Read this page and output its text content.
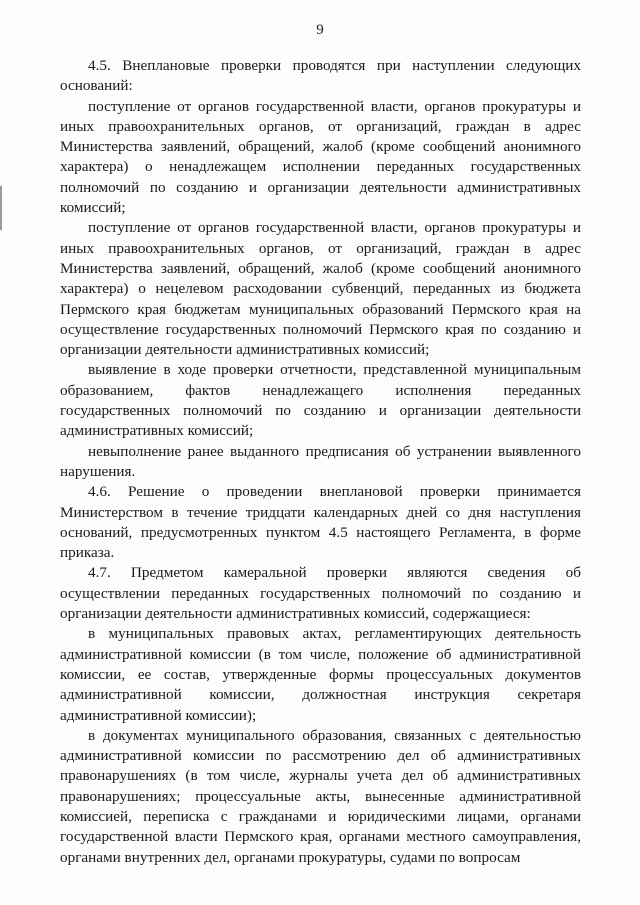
9

4.5. Внеплановые проверки проводятся при наступлении следующих оснований:

поступление от органов государственной власти, органов прокуратуры и иных правоохранительных органов, от организаций, граждан в адрес Министерства заявлений, обращений, жалоб (кроме сообщений анонимного характера) о ненадлежащем исполнении переданных государственных полномочий по созданию и организации деятельности административных комиссий;

поступление от органов государственной власти, органов прокуратуры и иных правоохранительных органов, от организаций, граждан в адрес Министерства заявлений, обращений, жалоб (кроме сообщений анонимного характера) о нецелевом расходовании субвенций, переданных из бюджета Пермского края бюджетам муниципальных образований Пермского края на осуществление государственных полномочий Пермского края по созданию и организации деятельности административных комиссий;

выявление в ходе проверки отчетности, представленной муниципальным образованием, фактов ненадлежащего исполнения переданных государственных полномочий по созданию и организации деятельности административных комиссий;

невыполнение ранее выданного предписания об устранении выявленного нарушения.

4.6. Решение о проведении внеплановой проверки принимается Министерством в течение тридцати календарных дней со дня наступления оснований, предусмотренных пунктом 4.5 настоящего Регламента, в форме приказа.

4.7. Предметом камеральной проверки являются сведения об осуществлении переданных государственных полномочий по созданию и организации деятельности административных комиссий, содержащиеся:

в муниципальных правовых актах, регламентирующих деятельность административной комиссии (в том числе, положение об административной комиссии, ее состав, утвержденные формы процессуальных документов административной комиссии, должностная инструкция секретаря административной комиссии);

в документах муниципального образования, связанных с деятельностью административной комиссии по рассмотрению дел об административных правонарушениях (в том числе, журналы учета дел об административных правонарушениях; процессуальные акты, вынесенные административной комиссией, переписка с гражданами и юридическими лицами, органами государственной власти Пермского края, органами местного самоуправления, органами внутренних дел, органами прокуратуры, судами по вопросам
